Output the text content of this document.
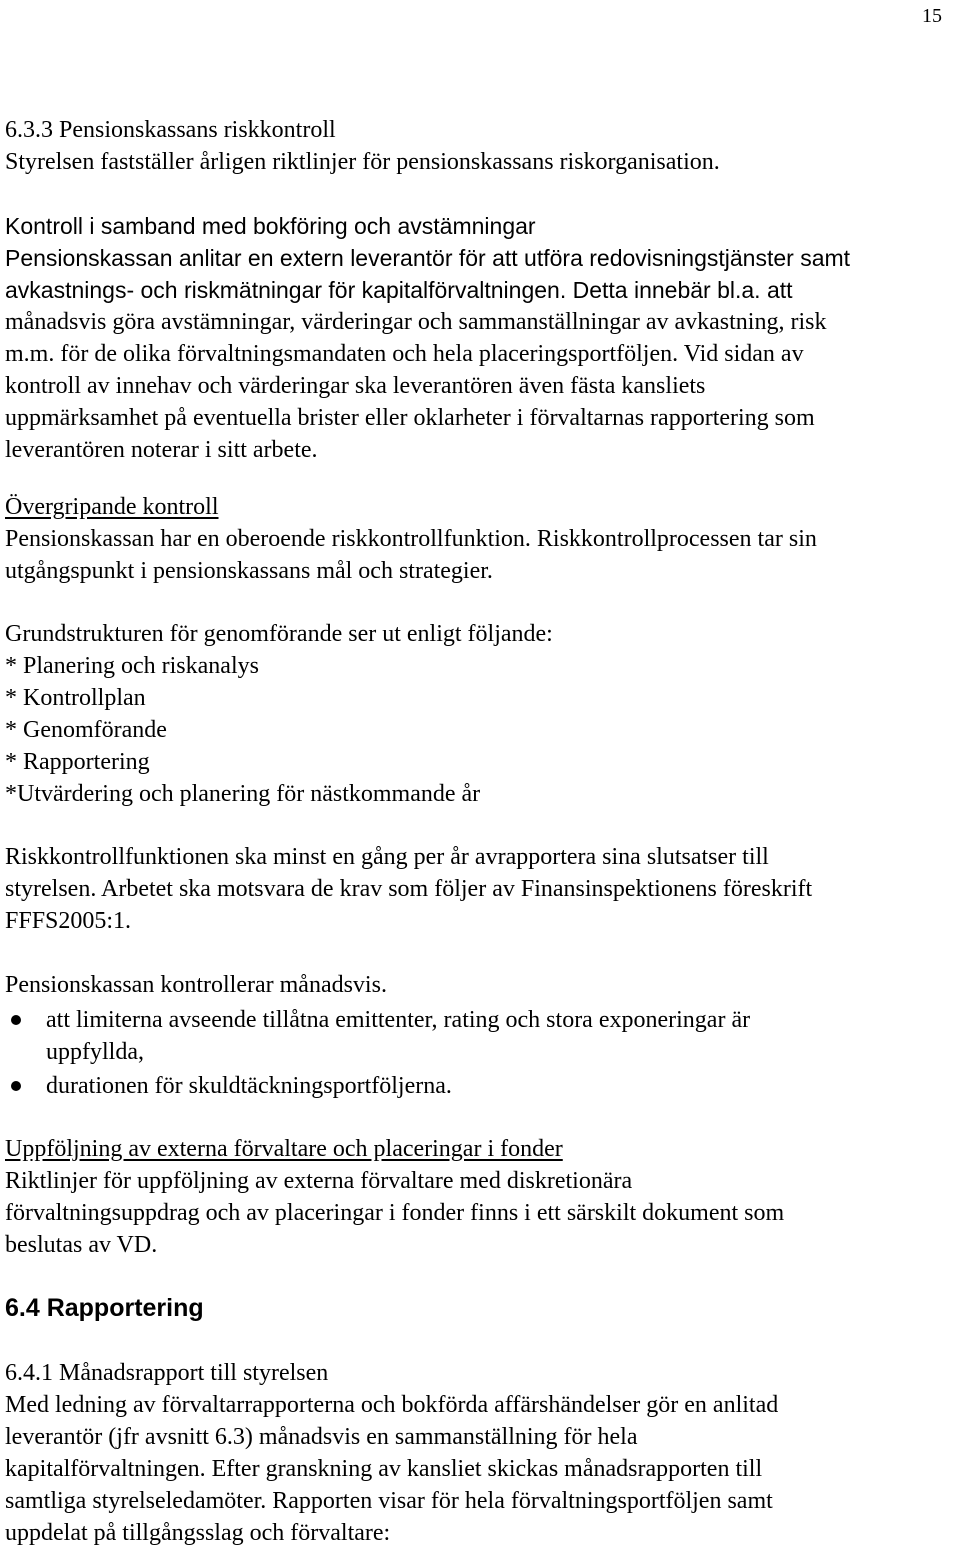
15
6.3.3 Pensionskassans riskkontroll
Styrelsen fastställer årligen riktlinjer för pensionskassans riskorganisation.
Kontroll i samband med bokföring och avstämningar
Pensionskassan anlitar en extern leverantör för att utföra redovisningstjänster samt
avkastnings- och riskmätningar för kapitalförvaltningen. Detta innebär bl.a. att
månadsvis göra avstämningar, värderingar och sammanställningar av avkastning, risk
m.m. för de olika förvaltningsmandaten och hela placeringsportföljen. Vid sidan av
kontroll av innehav och värderingar ska leverantören även fästa kansliets
uppmärksamhet på eventuella brister eller oklarheter i förvaltarnas rapportering som
leverantören noterar i sitt arbete.
Övergripande kontroll
Pensionskassan har en oberoende riskkontrollfunktion. Riskkontrollprocessen tar sin
utgångspunkt i pensionskassans mål och strategier.
Grundstrukturen för genomförande ser ut enligt följande:
* Planering och riskanalys
* Kontrollplan
* Genomförande
* Rapportering
*Utvärdering och planering för nästkommande år
Riskkontrollfunktionen ska minst en gång per år avrapportera sina slutsatser till
styrelsen. Arbetet ska motsvara de krav som följer av Finansinspektionens föreskrift
FFFS2005:1.
Pensionskassan kontrollerar månadsvis.
att limiterna avseende tillåtna emittenter, rating och stora exponeringar är
uppfyllda,
durationen för skuldtäckningsportföljerna.
Uppföljning av externa förvaltare och placeringar i fonder
Riktlinjer för uppföljning av externa förvaltare med diskretionära
förvaltningsuppdrag och av placeringar i fonder finns i ett särskilt dokument som
beslutas av VD.
6.4 Rapportering
6.4.1 Månadsrapport till styrelsen
Med ledning av förvaltarrapporterna och bokförda affärshändelser gör en anlitad
leverantör (jfr avsnitt 6.3) månadsvis en sammanställning för hela
kapitalförvaltningen. Efter granskning av kansliet skickas månadsrapporten till
samtliga styrelseledamöter. Rapporten visar för hela förvaltningsportföljen samt
uppdelat på tillgångsslag och förvaltare:
